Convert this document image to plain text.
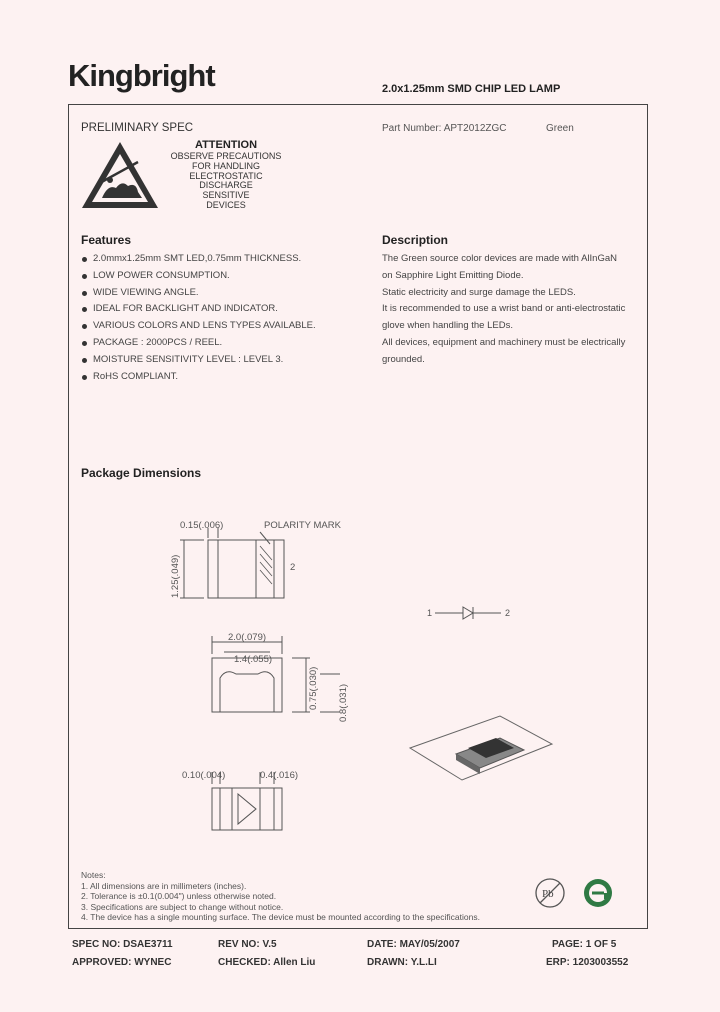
Kingbright	2.0x1.25mm SMD CHIP LED LAMP
PRELIMINARY SPEC	Part Number: APT2012ZGC	Green
ATTENTION
OBSERVE PRECAUTIONS
FOR HANDLING
ELECTROSTATIC
DISCHARGE
SENSITIVE
DEVICES
Features
2.0mmx1.25mm SMT LED,0.75mm THICKNESS.
LOW POWER CONSUMPTION.
WIDE VIEWING ANGLE.
IDEAL FOR BACKLIGHT AND INDICATOR.
VARIOUS COLORS AND LENS TYPES AVAILABLE.
PACKAGE : 2000PCS / REEL.
MOISTURE SENSITIVITY LEVEL : LEVEL 3.
RoHS COMPLIANT.
Description
The Green source color devices are made with AlInGaN
on Sapphire Light Emitting Diode.
Static electricity and surge damage the LEDS.
It is recommended to use a wrist band or anti-electrostatic
glove when handling the LEDs.
All devices, equipment and machinery must be electrically
grounded.
Package Dimensions
0.15(.006)	POLARITY MARK
1.25(.049)	2
2.0(.079)
1.4(.055)
0.75(.030) 0.8(.031)
0.10(.004)	0.4(.016)
1	2
Notes:
1. All dimensions are in millimeters (inches).
2. Tolerance is ±0.1(0.004") unless otherwise noted.
3. Specifications are subject to change without notice.
4. The device has a single mounting surface. The device must be mounted according to the specifications.
Pb
SPEC NO: DSAE3711	REV NO: V.5	DATE: MAY/05/2007	PAGE: 1 OF 5
APPROVED: WYNEC	CHECKED: Allen Liu	DRAWN: Y.L.LI	ERP: 1203003552
